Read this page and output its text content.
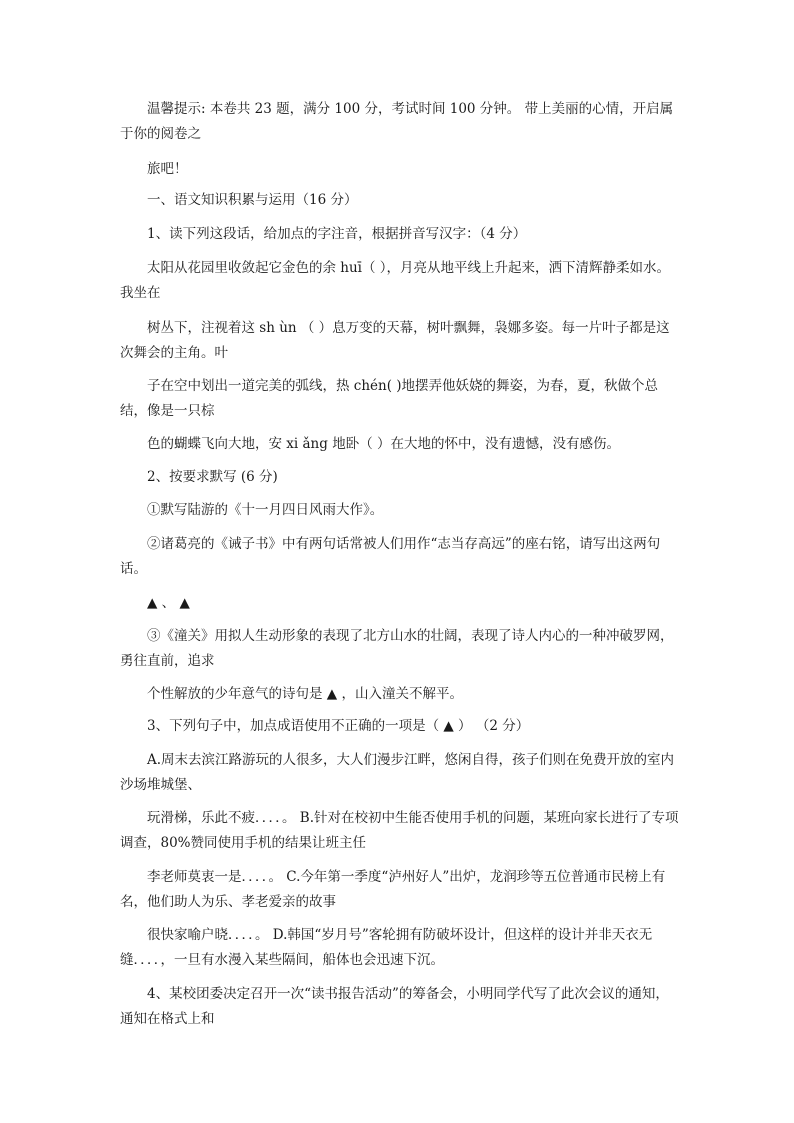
温馨提示: 本卷共 23 题，满分 100 分，考试时间 100 分钟。 带上美丽的心情，开启属于你的阅卷之

旅吧！

一、语文知识积累与运用（16 分）

1、读下列这段话，给加点的字注音，根据拼音写汉字：（4 分）

太阳从花园里收敛起它金色的余 huī（ ），月亮从地平线上升起来，洒下清辉静柔如水。我坐在

树丛下，注视着这 sh ùn （ ）息万变的天幕，树叶飘舞，袅娜多姿。每一片叶子都是这次舞会的主角。叶

子在空中划出一道完美的弧线，热 chén( )地摆弄他妖娆的舞姿，为春，夏，秋做个总结，像是一只棕

色的蝴蝶飞向大地，安 xi ǎng 地卧（ ）在大地的怀中，没有遗憾，没有感伤。

2、按要求默写 (6 分)

①默写陆游的《十一月四日风雨大作》。

②诸葛亮的《诫子书》中有两句话常被人们用作“志当存高远”的座右铭，请写出这两句话。

▲ 、 ▲

③《潼关》用拟人生动形象的表现了北方山水的壮阔，表现了诗人内心的一种冲破罗网，勇往直前，追求

个性解放的少年意气的诗句是 ▲ ，山入潼关不解平。

3、下列句子中，加点成语使用不正确的一项是（ ▲ ） （2 分）

A.周末去滨江路游玩的人很多，大人们漫步江畔，悠闲自得，孩子们则在免费开放的室内沙场堆城堡、

玩滑梯，乐此不疲．．．．。 B.针对在校初中生能否使用手机的问题，某班向家长进行了专项调查，80%赞同使用手机的结果让班主任

李老师莫衷一是．．．．。 C.今年第一季度“泸州好人”出炉，龙润珍等五位普通市民榜上有名，他们助人为乐、孝老爱亲的故事

很快家喻户晓．．．．。 D.韩国“岁月号”客轮拥有防破坏设计，但这样的设计并非天衣无缝．．．．，一旦有水漫入某些隔间，船体也会迅速下沉。

4、某校团委决定召开一次“读书报告活动”的筹备会，小明同学代写了此次会议的通知，通知在格式上和
